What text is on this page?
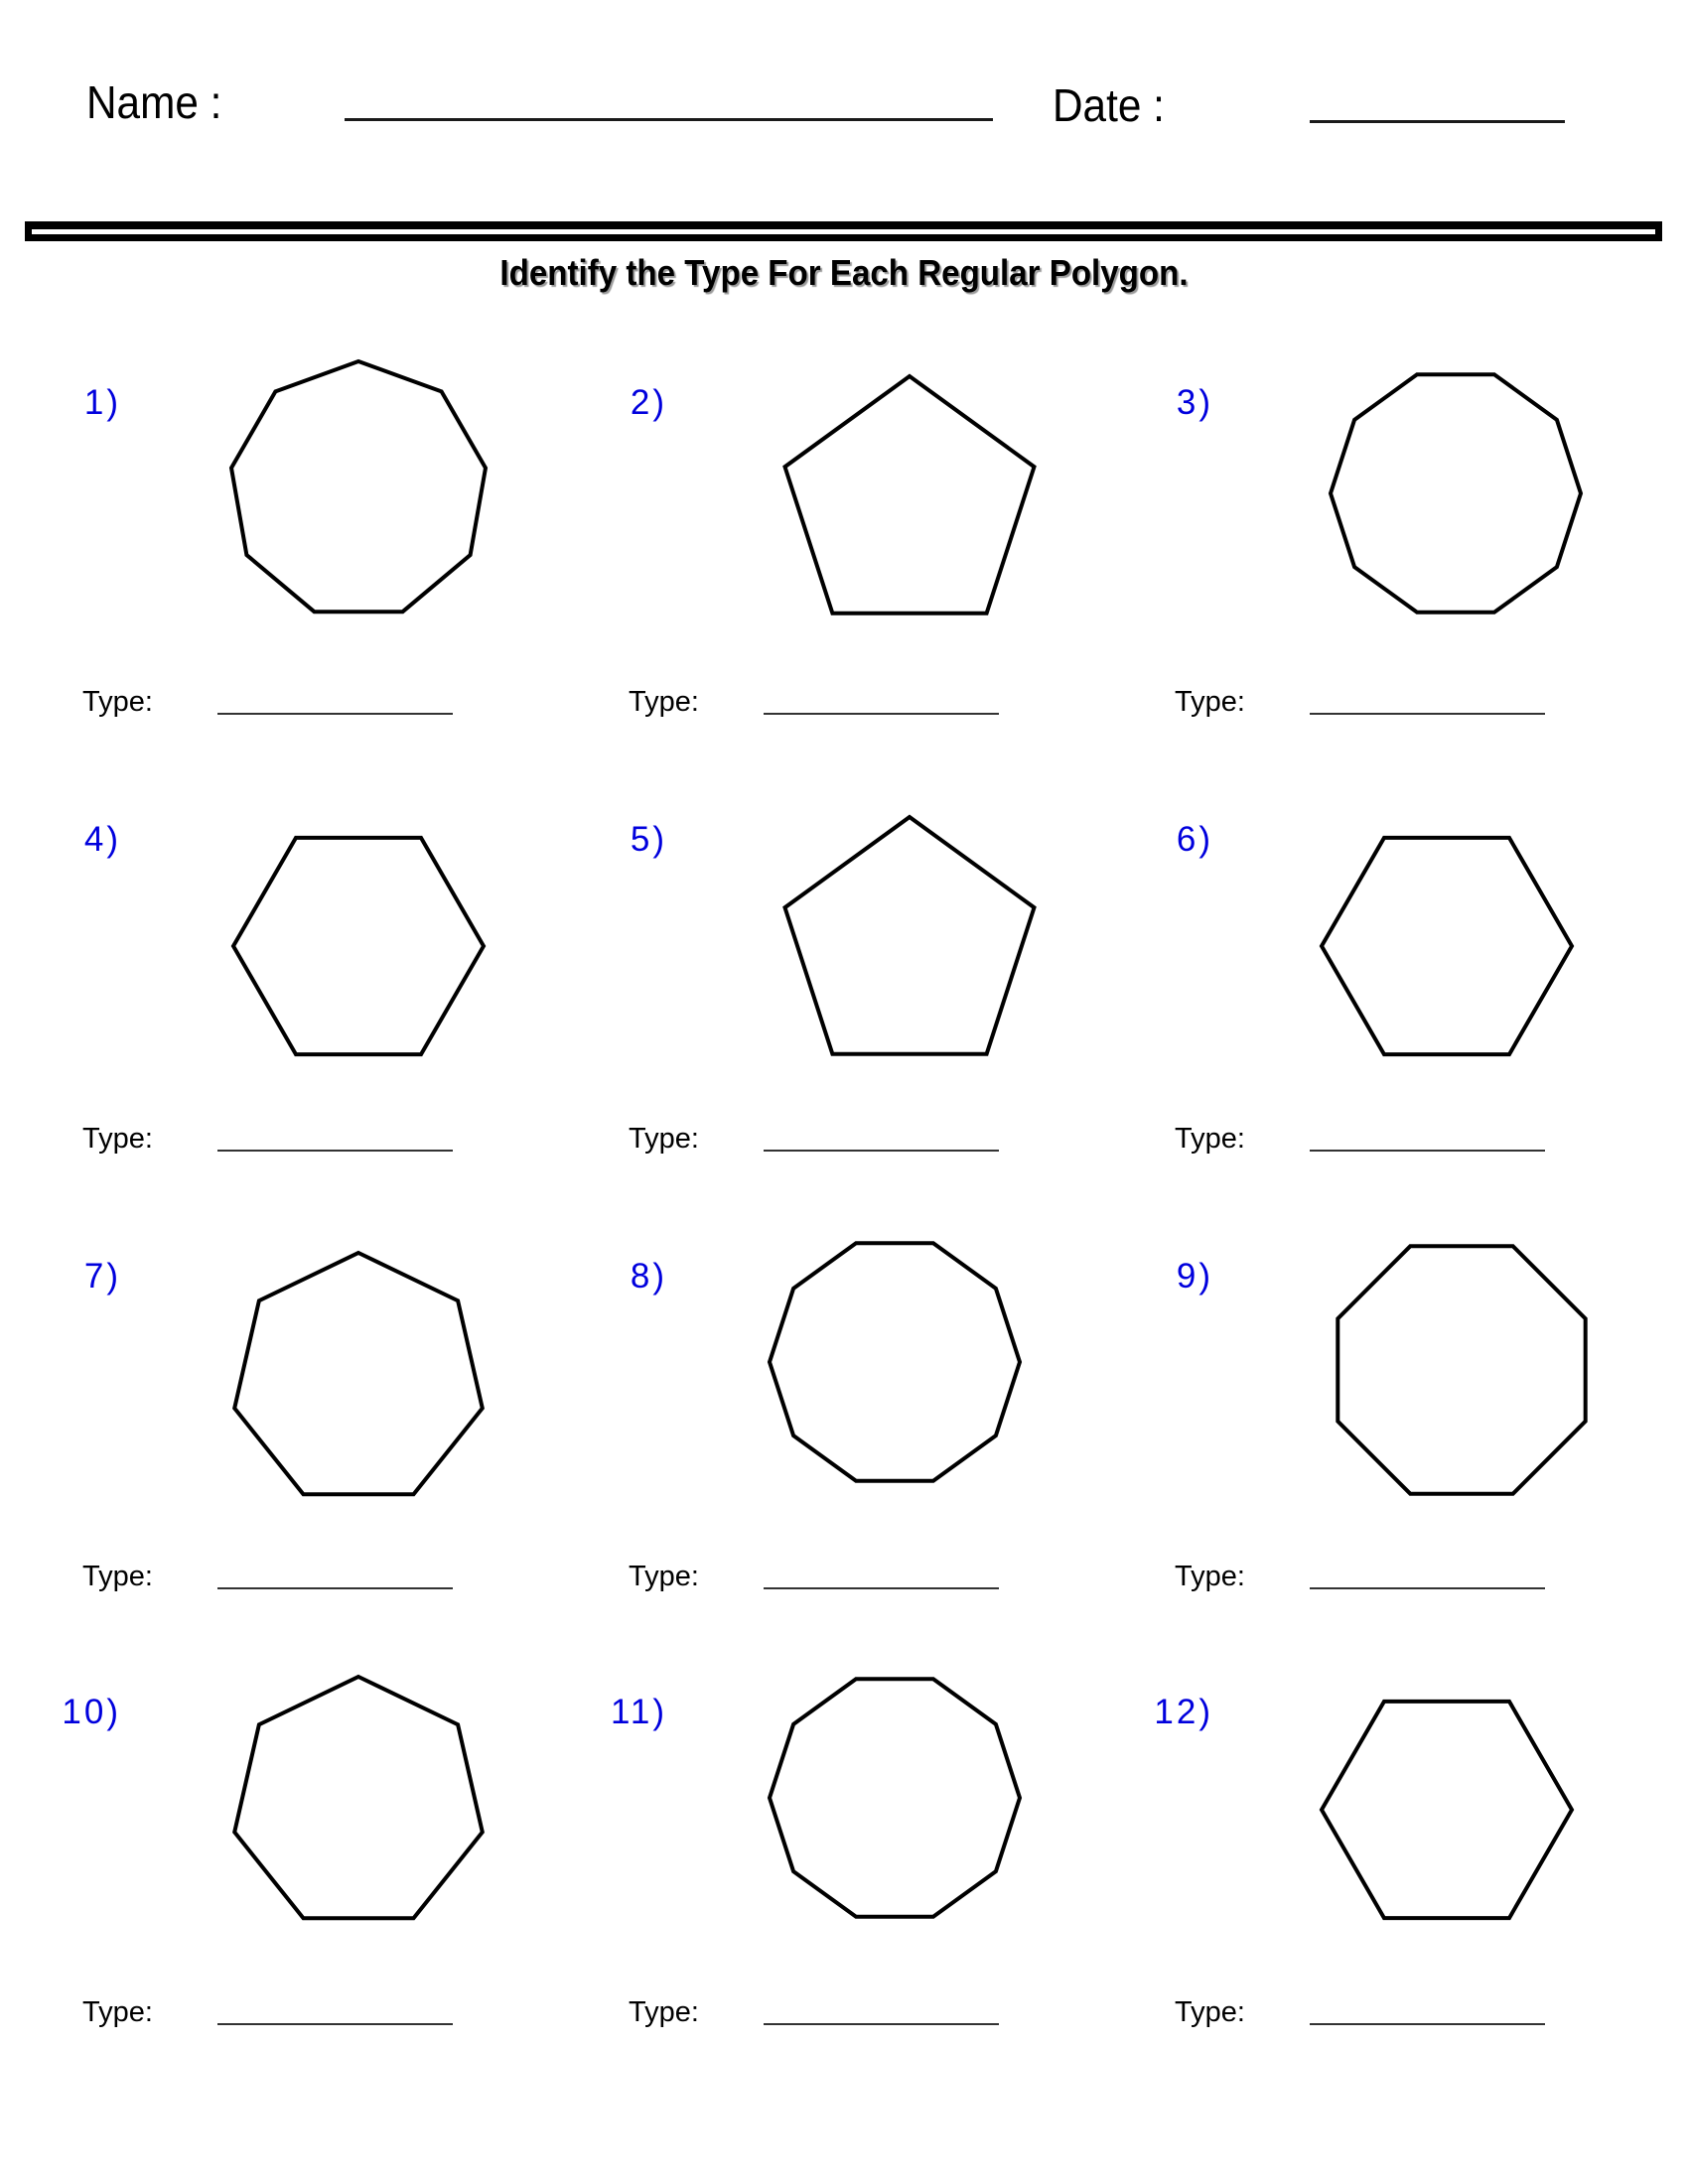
Name :	Date :
Identify the Type For Each Regular Polygon.
1)
Type:
2)
Type:
3)
Type:
4)
Type:
5)
Type:
6)
Type:
7)
Type:
8)
Type:
9)
Type:
10)
Type:
11)
Type:
12)
Type:
